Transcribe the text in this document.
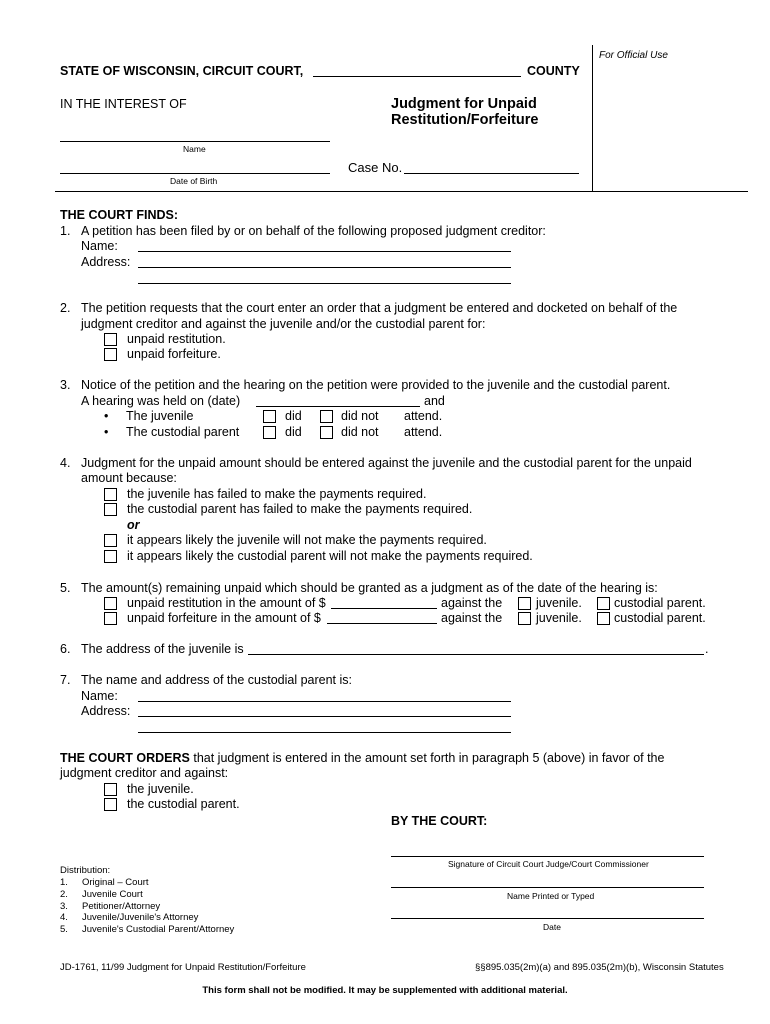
For Official Use
STATE OF WISCONSIN, CIRCUIT COURT,	COUNTY
IN THE INTEREST OF	Judgment for Unpaid
Restitution/Forfeiture
Name
Date of Birth
Case No.
THE COURT FINDS:
1. A petition has been filed by or on behalf of the following proposed judgment creditor:
Name:
Address:
2. The petition requests that the court enter an order that a judgment be entered and docketed on behalf of the
judgment creditor and against the juvenile and/or the custodial parent for:
unpaid restitution.
unpaid forfeiture.
3. Notice of the petition and the hearing on the petition were provided to the juvenile and the custodial parent.
A hearing was held on (date)	and
• The juvenile	did	did not attend.
• The custodial parent	did	did not attend.
4. Judgment for the unpaid amount should be entered against the juvenile and the custodial parent for the unpaid
amount because:
the juvenile has failed to make the payments required.
the custodial parent has failed to make the payments required.
or
it appears likely the juvenile will not make the payments required.
it appears likely the custodial parent will not make the payments required.
5. The amount(s) remaining unpaid which should be granted as a judgment as of the date of the hearing is:
unpaid restitution in the amount of $	against the	juvenile.	custodial parent.
unpaid forfeiture in the amount of $	against the	juvenile.	custodial parent.
6. The address of the juvenile is	.
7. The name and address of the custodial parent is:
Name:
Address:
THE COURT ORDERS that judgment is entered in the amount set forth in paragraph 5 (above) in favor of the
judgment creditor and against:
the juvenile.
the custodial parent.
BY THE COURT:
Signature of Circuit Court Judge/Court Commissioner
Name Printed or Typed
Date
Distribution:
1. Original – Court
2. Juvenile Court
3. Petitioner/Attorney
4. Juvenile/Juvenile's Attorney
5. Juvenile's Custodial Parent/Attorney
JD-1761, 11/99 Judgment for Unpaid Restitution/Forfeiture	§§895.035(2m)(a) and 895.035(2m)(b), Wisconsin Statutes
This form shall not be modified. It may be supplemented with additional material.
